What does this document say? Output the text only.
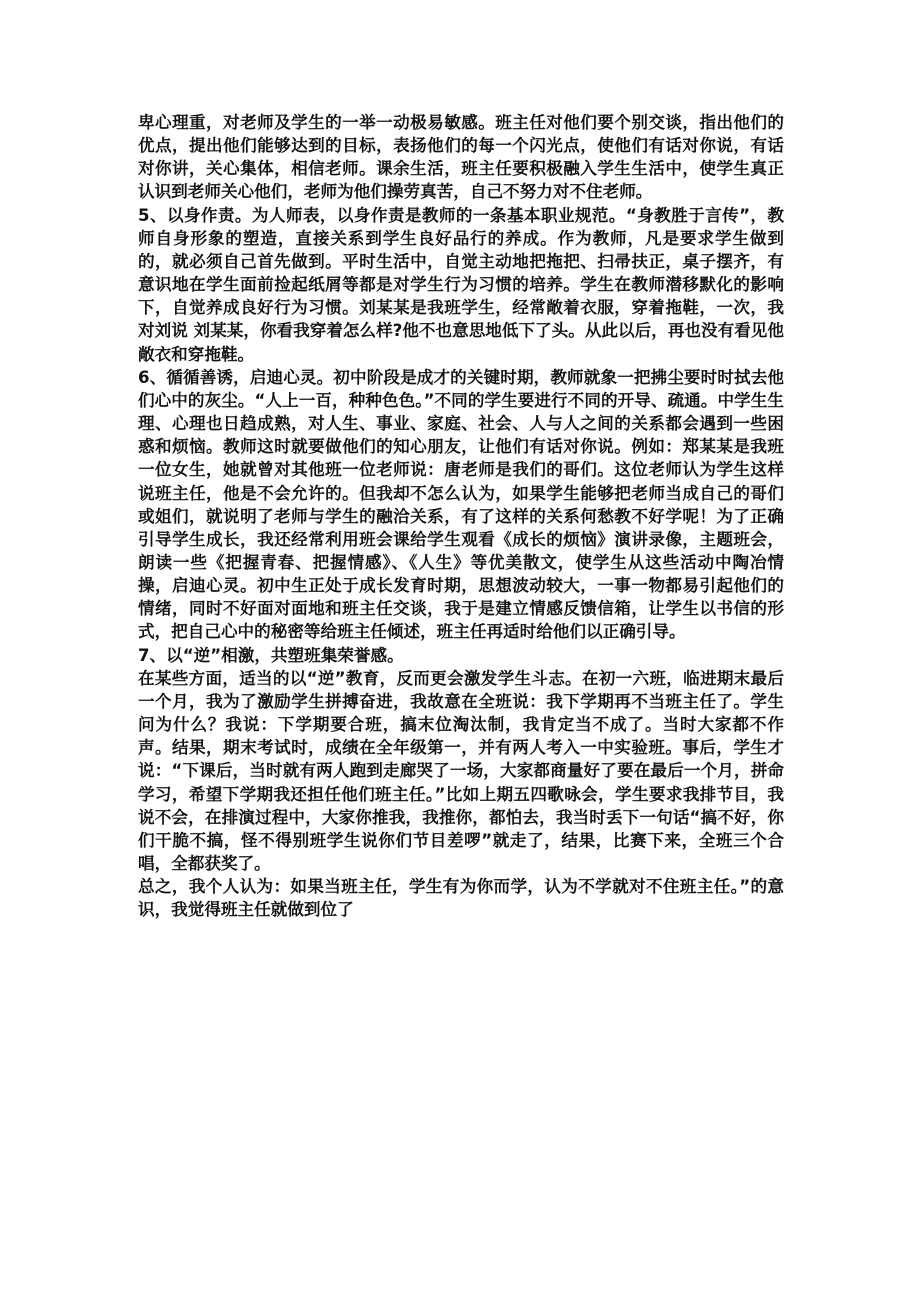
卑心理重，对老师及学生的一举一动极易敏感。班主任对他们要个别交谈，指出他们的优点，提出他们能够达到的目标，表扬他们的每一个闪光点，使他们有话对你说，有话对你讲，关心集体，相信老师。课余生活，班主任要积极融入学生生活中，使学生真正认识到老师关心他们，老师为他们操劳真苦，自己不努力对不住老师。

5、以身作责。为人师表，以身作责是教师的一条基本职业规范。“身教胜于言传”，教师自身形象的塑造，直接关系到学生良好品行的养成。作为教师，凡是要求学生做到的，就必须自己首先做到。平时生活中，自觉主动地把拖把、扫帚扶正，桌子摆齐，有意识地在学生面前捡起纸屑等都是对学生行为习惯的培养。学生在教师潜移默化的影响下，自觉养成良好行为习惯。刘某某是我班学生，经常敞着衣服，穿着拖鞋，一次，我对刘说 刘某某，你看我穿着怎么样?他不也意思地低下了头。从此以后，再也没有看见他敞衣和穿拖鞋。

6、循循善诱，启迪心灵。初中阶段是成才的关键时期，教师就象一把拂尘要时时拭去他们心中的灰尘。“人上一百，种种色色。”不同的学生要进行不同的开导、疏通。中学生生理、心理也日趋成熟，对人生、事业、家庭、社会、人与人之间的关系都会遇到一些困惑和烦恼。教师这时就要做他们的知心朋友，让他们有话对你说。例如：郑某某是我班一位女生，她就曾对其他班一位老师说：唐老师是我们的哥们。这位老师认为学生这样说班主任，他是不会允许的。但我却不怎么认为，如果学生能够把老师当成自己的哥们或姐们，就说明了老师与学生的融洽关系，有了这样的关系何愁教不好学呢！为了正确引导学生成长，我还经常利用班会课给学生观看《成长的烦恼》演讲录像，主题班会，朗读一些《把握青春、把握情感》、《人生》等优美散文，使学生从这些活动中陶冶情操，启迪心灵。初中生正处于成长发育时期，思想波动较大，一事一物都易引起他们的情绪，同时不好面对面地和班主任交谈，我于是建立情感反馈信箱，让学生以书信的形式，把自己心中的秘密等给班主任倾述，班主任再适时给他们以正确引导。

7、以“逆”相激，共塑班集荣誉感。

在某些方面，适当的以“逆”教育，反而更会激发学生斗志。在初一六班，临进期末最后一个月，我为了激励学生拼搏奋进，我故意在全班说：我下学期再不当班主任了。学生问为什么？我说：下学期要合班，搞末位淘汰制，我肯定当不成了。当时大家都不作声。结果，期末考试时，成绩在全年级第一，并有两人考入一中实验班。事后，学生才说：“下课后，当时就有两人跑到走廊哭了一场，大家都商量好了要在最后一个月，拼命学习，希望下学期我还担任他们班主任。”比如上期五四歌咏会，学生要求我排节目，我说不会，在排演过程中，大家你推我，我推你，都怕去，我当时丢下一句话“搞不好，你们干脆不搞，怪不得别班学生说你们节目差啰”就走了，结果，比赛下来，全班三个合唱，全都获奖了。

总之，我个人认为：如果当班主任，学生有为你而学，认为不学就对不住班主任。”的意识，我觉得班主任就做到位了
